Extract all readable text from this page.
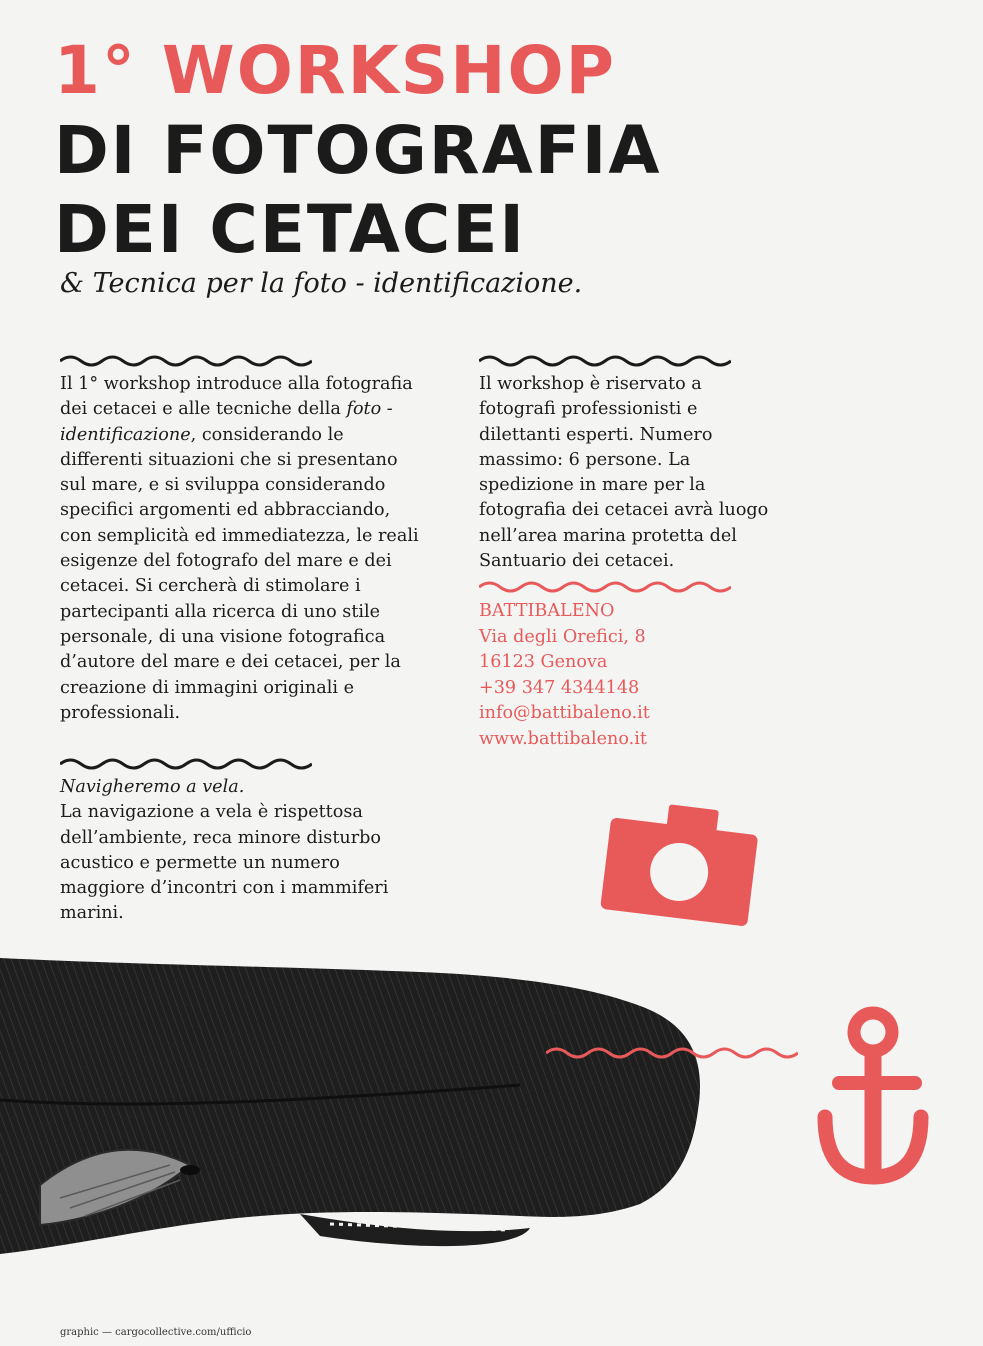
1° WORKSHOP
DI FOTOGRAFIA
DEI CETACEI

& Tecnica per la foto - identificazione.

Il 1° workshop introduce alla fotografia dei cetacei e alle tecniche della foto - identificazione, considerando le differenti situazioni che si presentano sul mare, e si sviluppa considerando specifici argomenti ed abbracciando, con semplicità ed immediatezza, le reali esigenze del fotografo del mare e dei cetacei. Si cercherà di stimolare i partecipanti alla ricerca di uno stile personale, di una visione fotografica d’autore del mare e dei cetacei, per la creazione di immagini originali e professionali.

Navigheremo a vela.
La navigazione a vela è rispettosa dell’ambiente, reca minore disturbo acustico e permette un numero maggiore d’incontri con i mammiferi marini.

Il workshop è riservato a fotografi professionisti e dilettanti esperti. Numero massimo: 6 persone. La spedizione in mare per la fotografia dei cetacei avrà luogo nell’area marina protetta del Santuario dei cetacei.

BATTIBALENO
Via degli Orefici, 8
16123 Genova
+39 347 4344148
info@battibaleno.it
www.battibaleno.it
graphic — cargocollective.com/ufficio
